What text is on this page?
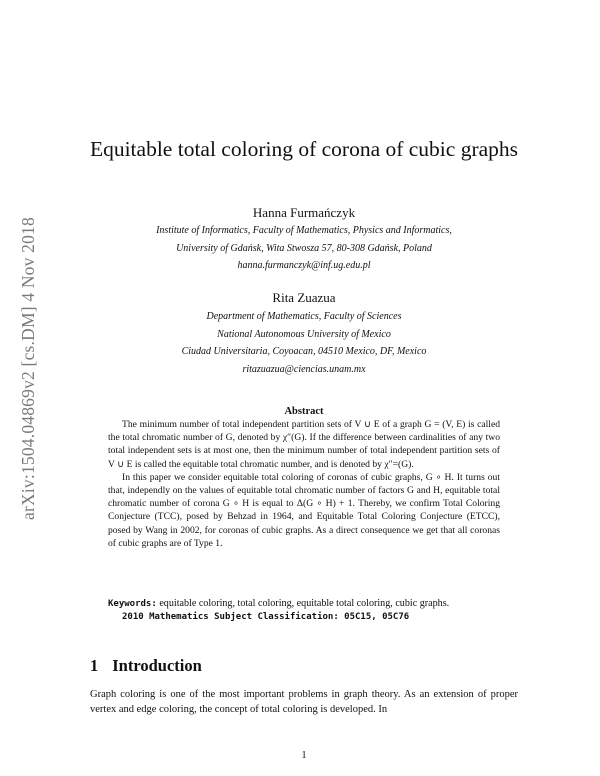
arXiv:1504.04869v2 [cs.DM] 4 Nov 2018
Equitable total coloring of corona of cubic graphs
Hanna Furmańczyk
Institute of Informatics, Faculty of Mathematics, Physics and Informatics,
University of Gdańsk, Wita Stwosza 57, 80-308 Gdańsk, Poland
hanna.furmanczyk@inf.ug.edu.pl
Rita Zuazua
Department of Mathematics, Faculty of Sciences
National Autonomous University of Mexico
Ciudad Universitaria, Coyoacan, 04510 Mexico, DF, Mexico
ritazuazua@ciencias.unam.mx
Abstract

The minimum number of total independent partition sets of V ∪ E of a graph G = (V, E) is called the total chromatic number of G, denoted by χ″(G). If the difference between cardinalities of any two total independent sets is at most one, then the minimum number of total independent partition sets of V ∪ E is called the equitable total chromatic number, and is denoted by χ″=(G).

In this paper we consider equitable total coloring of coronas of cubic graphs, G ∘ H. It turns out that, independly on the values of equitable total chromatic number of factors G and H, equitable total chromatic number of corona G ∘ H is equal to Δ(G ∘ H) + 1. Thereby, we confirm Total Coloring Conjecture (TCC), posed by Behzad in 1964, and Equitable Total Coloring Conjecture (ETCC), posed by Wang in 2002, for coronas of cubic graphs. As a direct consequence we get that all coronas of cubic graphs are of Type 1.

Keywords: equitable coloring, total coloring, equitable total coloring, cubic graphs.

2010 Mathematics Subject Classification: 05C15, 05C76

1 Introduction

Graph coloring is one of the most important problems in graph theory. As an extension of proper vertex and edge coloring, the concept of total coloring is developed. In

1
